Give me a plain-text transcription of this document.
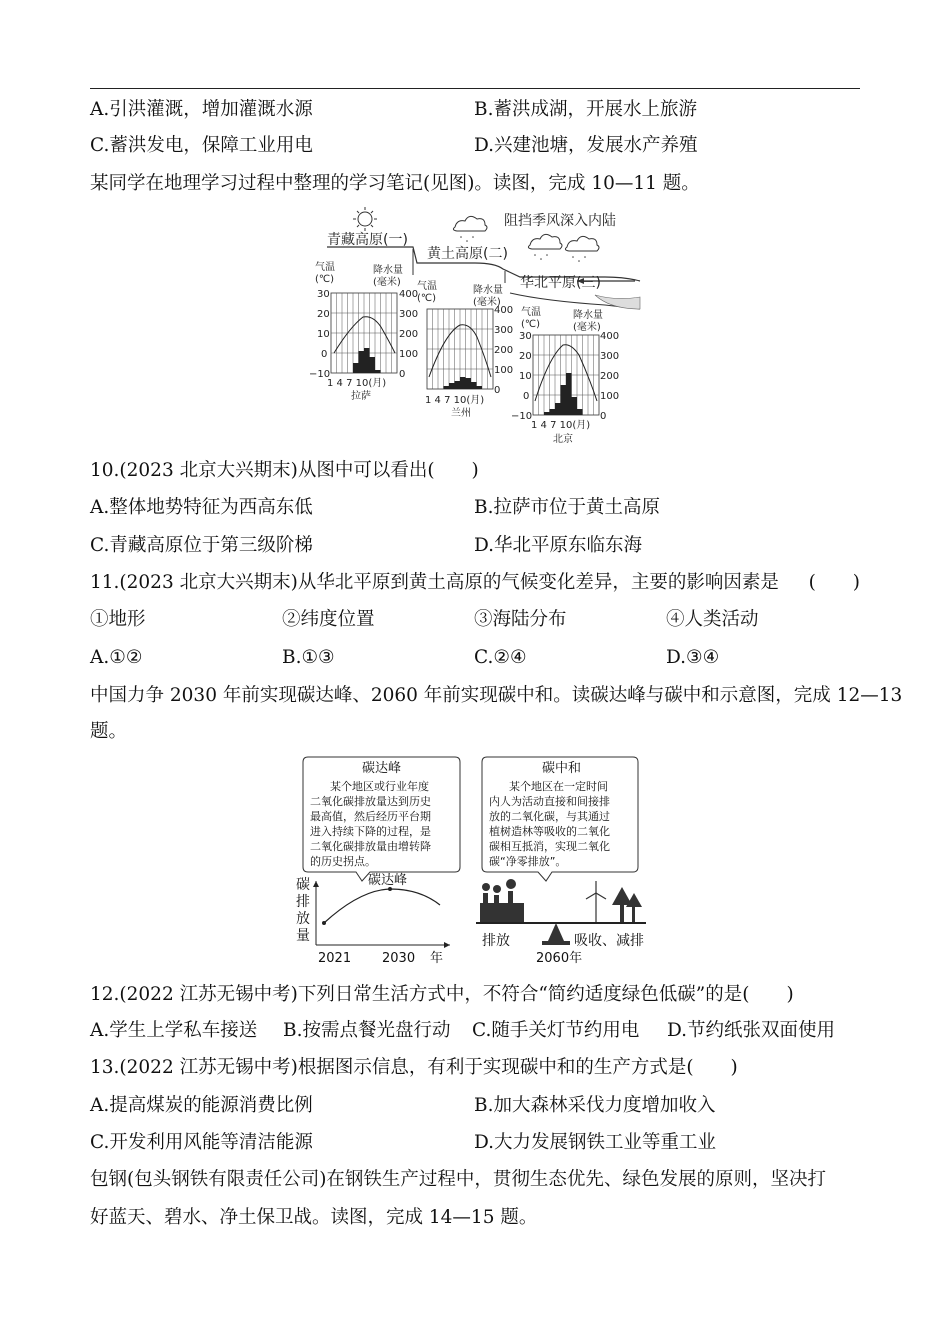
A.引洪灌溉，增加灌溉水源	B.蓄洪成湖，开展水上旅游
C.蓄洪发电，保障工业用电	D.兴建池塘，发展水产养殖
某同学在地理学习过程中整理的学习笔记(见图)。读图，完成 10—11 题。
阻挡季风深入内陆
青藏高原(一)
黄土高原(二)
华北平原(三)
气温
(℃)
降水量
(毫米)
30
20
10
0
−10
400
300
200
100
0
1 4 7 10(月)
拉萨
气温
(℃)
降水量
(毫米)
400
300
200
100
0
1 4 7 10(月)
兰州
气温
(℃)
降水量
(毫米)
30
20
10
0
−10
400
300
200
100
0
1 4 7 10(月)
北京
10.(2023 北京大兴期末)从图中可以看出(　　)
A.整体地势特征为西高东低	B.拉萨市位于黄土高原
C.青藏高原位于第三级阶梯	D.华北平原东临东海
11.(2023 北京大兴期末)从华北平原到黄土高原的气候变化差异，主要的影响因素是 (　　)
①地形	②纬度位置	③海陆分布	④人类活动
A.①②	B.①③	C.②④	D.③④
中国力争 2030 年前实现碳达峰、2060 年前实现碳中和。读碳达峰与碳中和示意图，完成 12—13
题。
碳达峰
某个地区或行业年度
二氧化碳排放量达到历史
最高值，然后经历平台期
进入持续下降的过程，是
二氧化碳排放量由增转降
的历史拐点。
碳中和
某个地区在一定时间
内人为活动直接和间接排
放的二氧化碳，与其通过
植树造林等吸收的二氧化
碳相互抵消，实现二氧化
碳“净零排放”。
碳
排
放
量
碳达峰
2021 2030 年
排放	吸收、减排
2060年
12.(2022 江苏无锡中考)下列日常生活方式中，不符合“简约适度绿色低碳”的是(　　)
A.学生上学私车接送 B.按需点餐光盘行动 C.随手关灯节约用电 D.节约纸张双面使用
13.(2022 江苏无锡中考)根据图示信息，有利于实现碳中和的生产方式是(　　)
A.提高煤炭的能源消费比例	B.加大森林采伐力度增加收入
C.开发利用风能等清洁能源	D.大力发展钢铁工业等重工业
包钢(包头钢铁有限责任公司)在钢铁生产过程中，贯彻生态优先、绿色发展的原则，坚决打
好蓝天、碧水、净土保卫战。读图，完成 14—15 题。
